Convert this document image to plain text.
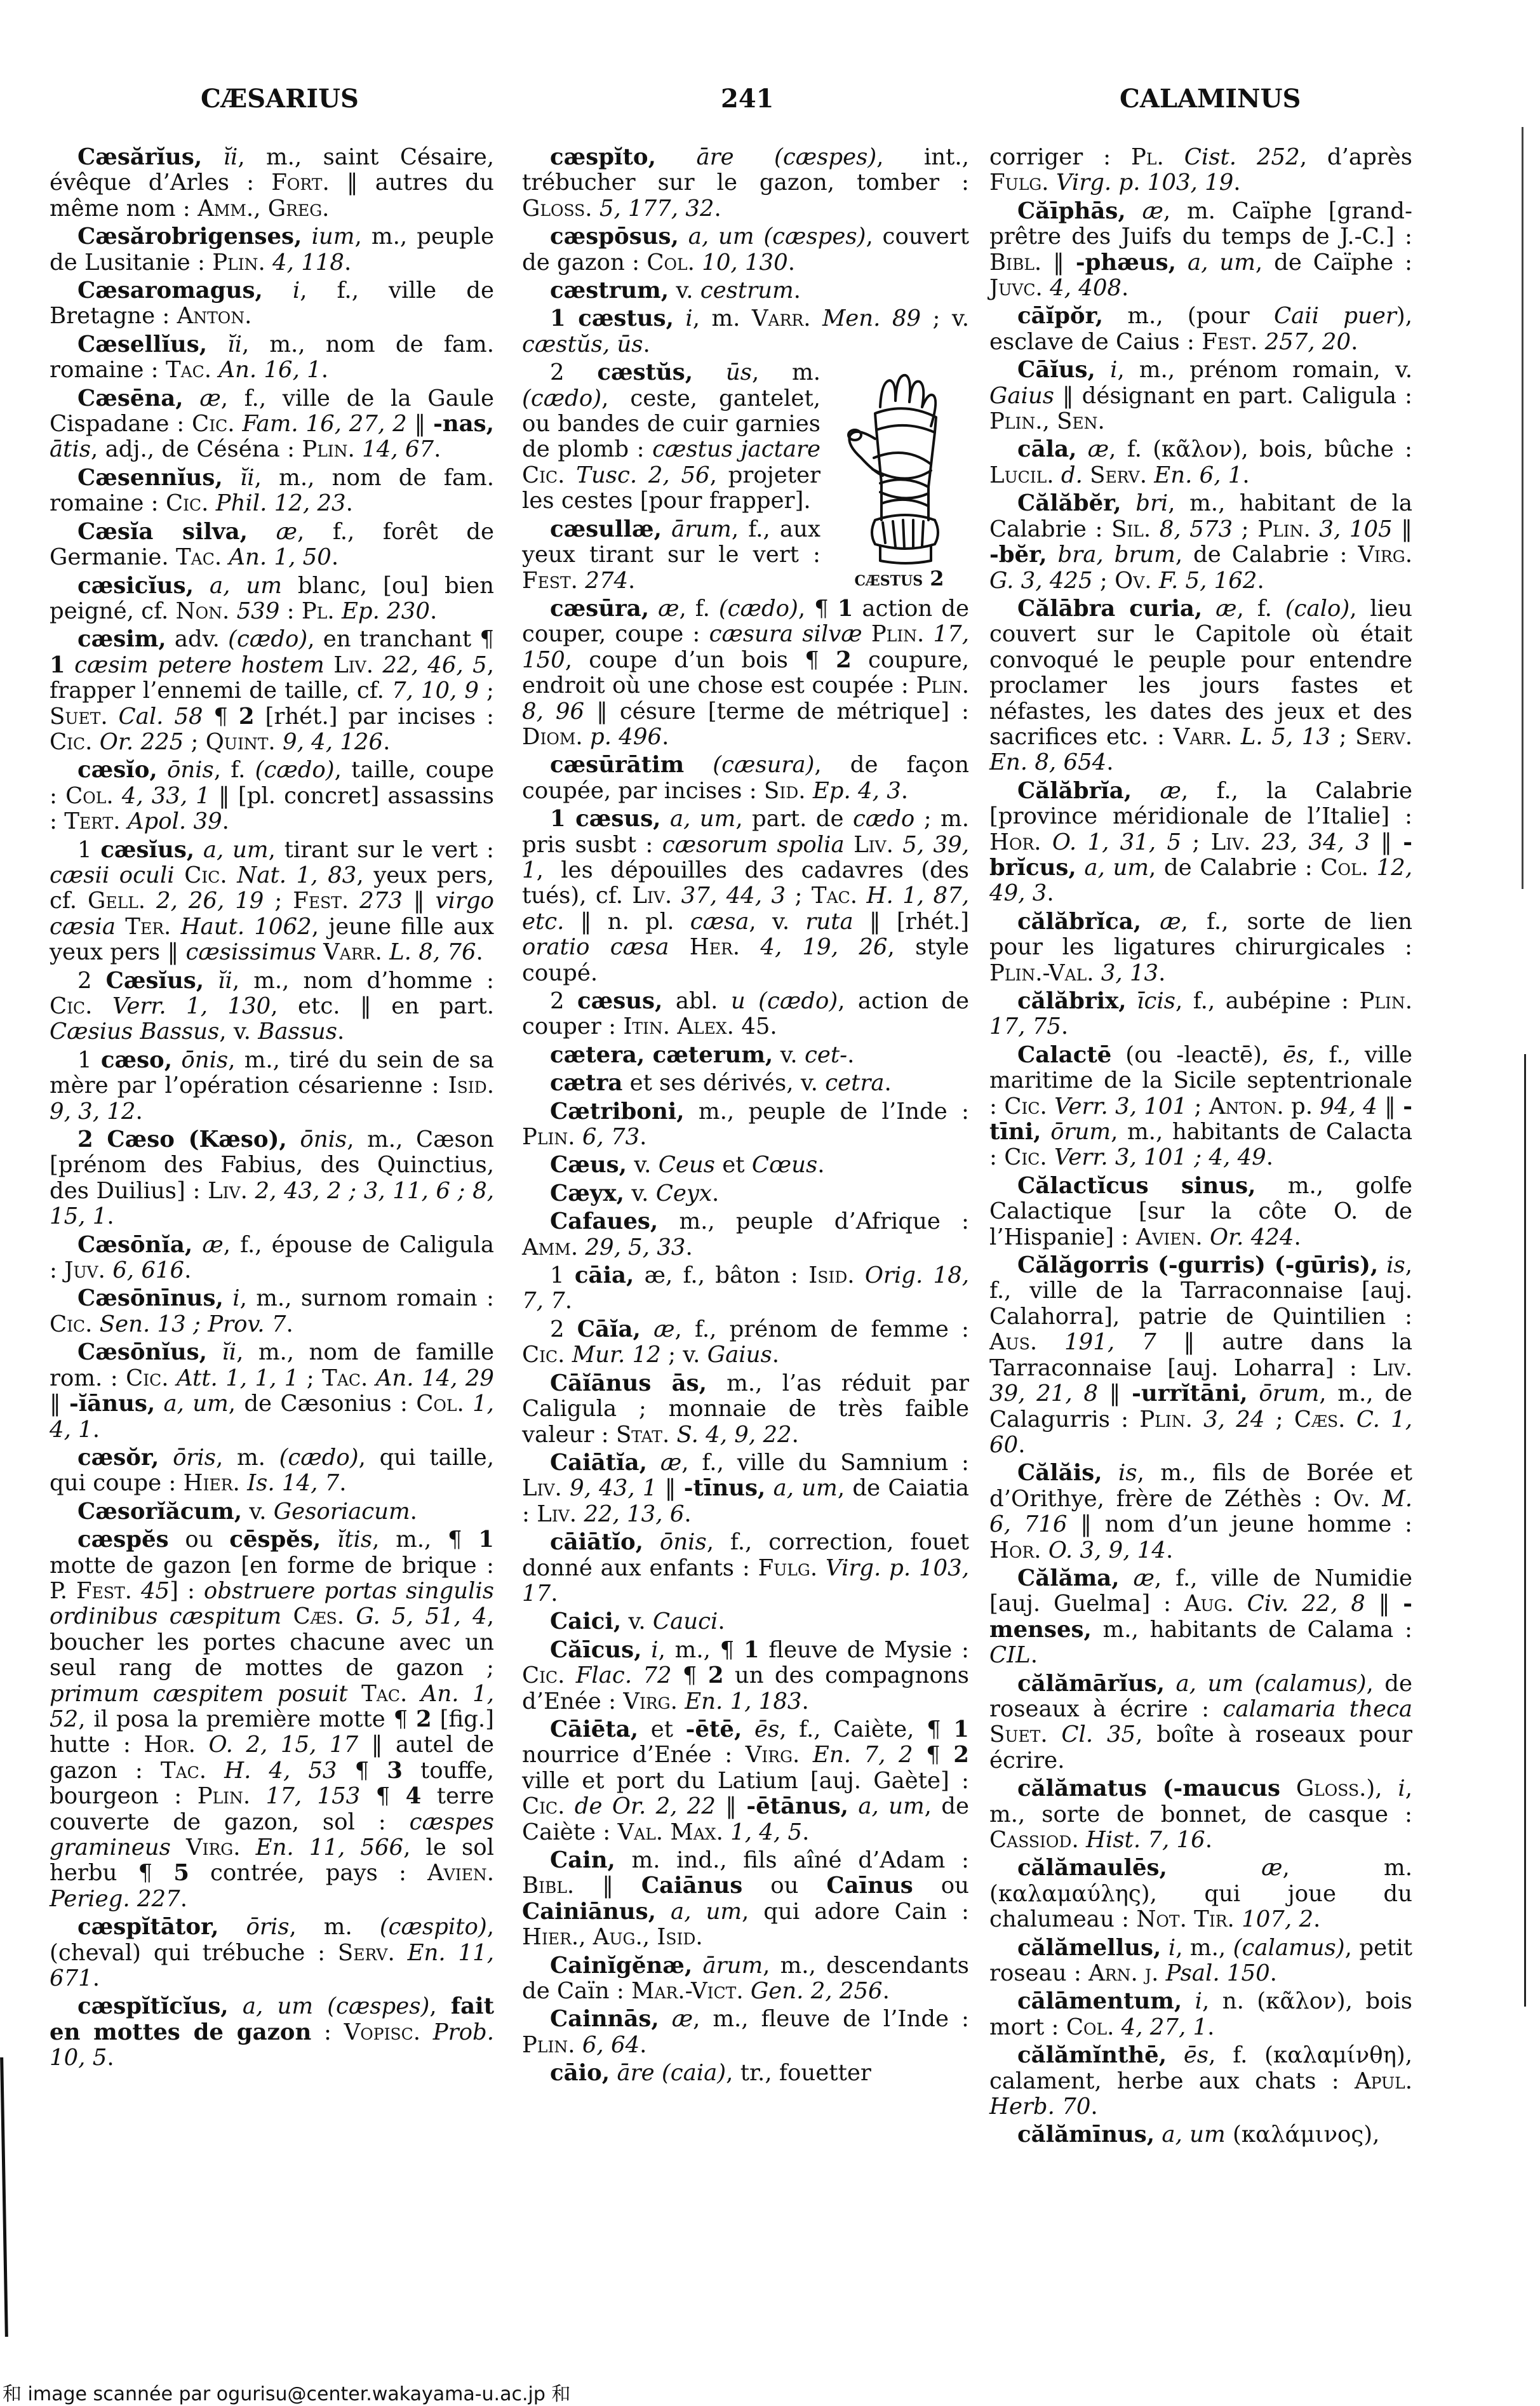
CÆSARIUS	241	CALAMINUS

Cæsărĭus, ĭi, m., saint Césaire, évêque d’Arles : Fort. ‖ autres du même nom : Amm., Greg.

Cæsărobrigenses, ium, m., peuple de Lusitanie : Plin. 4, 118.

Cæsaromagus, i, f., ville de Bretagne : Anton.

Cæsellĭus, ĭi, m., nom de fam. romaine : Tac. An. 16, 1.

Cæsēna, æ, f., ville de la Gaule Cispadane : Cic. Fam. 16, 27, 2 ‖ -nas, ātis, adj., de Céséna : Plin. 14, 67.

Cæsennĭus, ĭi, m., nom de fam. romaine : Cic. Phil. 12, 23.

Cæsĭa silva, æ, f., forêt de Germanie. Tac. An. 1, 50.

cæsicĭus, a, um blanc, [ou] bien peigné, cf. Non. 539 : Pl. Ep. 230.

cæsim, adv. (cædo), en tranchant ¶ 1 cæsim petere hostem Liv. 22, 46, 5, frapper l’ennemi de taille, cf. 7, 10, 9 ; Suet. Cal. 58 ¶ 2 [rhét.] par incises : Cic. Or. 225 ; Quint. 9, 4, 126.

cæsĭo, ōnis, f. (cædo), taille, coupe : Col. 4, 33, 1 ‖ [pl. concret] assassins : Tert. Apol. 39.

1 cæsĭus, a, um, tirant sur le vert : cæsii oculi Cic. Nat. 1, 83, yeux pers, cf. Gell. 2, 26, 19 ; Fest. 273 ‖ virgo cæsia Ter. Haut. 1062, jeune fille aux yeux pers ‖ cæsissimus Varr. L. 8, 76.

2 Cæsĭus, ĭi, m., nom d’homme : Cic. Verr. 1, 130, etc. ‖ en part. Cæsius Bassus, v. Bassus.

1 cæso, ōnis, m., tiré du sein de sa mère par l’opération césarienne : Isid. 9, 3, 12.

2 Cæso (Kæso), ōnis, m., Cæson [prénom des Fabius, des Quinctius, des Duilius] : Liv. 2, 43, 2 ; 3, 11, 6 ; 8, 15, 1.

Cæsōnĭa, æ, f., épouse de Caligula : Juv. 6, 616.

Cæsōnīnus, i, m., surnom romain : Cic. Sen. 13 ; Prov. 7.

Cæsōnĭus, ĭi, m., nom de famille rom. : Cic. Att. 1, 1, 1 ; Tac. An. 14, 29 ‖ -ĭānus, a, um, de Cæsonius : Col. 1, 4, 1.

cæsŏr, ōris, m. (cædo), qui taille, qui coupe : Hier. Is. 14, 7.

Cæsorĭăcum, v. Gesoriacum.

cæspĕs ou cēspĕs, ĭtis, m., ¶ 1 motte de gazon [en forme de brique : P. Fest. 45] : obstruere portas singulis ordinibus cæspitum Cæs. G. 5, 51, 4, boucher les portes chacune avec un seul rang de mottes de gazon ; primum cæspitem posuit Tac. An. 1, 52, il posa la première motte ¶ 2 [fig.] hutte : Hor. O. 2, 15, 17 ‖ autel de gazon : Tac. H. 4, 53 ¶ 3 touffe, bourgeon : Plin. 17, 153 ¶ 4 terre couverte de gazon, sol : cæspes gramineus Virg. En. 11, 566, le sol herbu ¶ 5 contrée, pays : Avien. Perieg. 227.

cæspĭtātor, ōris, m. (cæspito), (cheval) qui trébuche : Serv. En. 11, 671.

cæspĭtĭcĭus, a, um (cæspes), fait en mottes de gazon : Vopisc. Prob. 10, 5.

cæspĭto, āre (cæspes), int., trébucher sur le gazon, tomber : Gloss. 5, 177, 32.

cæspōsus, a, um (cæspes), couvert de gazon : Col. 10, 130.

cæstrum, v. cestrum.

1 cæstus, i, m. Varr. Men. 89 ; v. cæstŭs, ūs.

cæstus 2

2 cæstŭs, ūs, m. (cædo), ceste, gantelet, ou bandes de cuir garnies de plomb : cæstus jactare Cic. Tusc. 2, 56, projeter les cestes [pour frapper].

cæsullæ, ārum, f., aux yeux tirant sur le vert : Fest. 274.

cæsūra, æ, f. (cædo), ¶ 1 action de couper, coupe : cæsura silvæ Plin. 17, 150, coupe d’un bois ¶ 2 coupure, endroit où une chose est coupée : Plin. 8, 96 ‖ césure [terme de métrique] : Diom. p. 496.

cæsūrātim (cæsura), de façon coupée, par incises : Sid. Ep. 4, 3.

1 cæsus, a, um, part. de cædo ; m. pris susbt : cæsorum spolia Liv. 5, 39, 1, les dépouilles des cadavres (des tués), cf. Liv. 37, 44, 3 ; Tac. H. 1, 87, etc. ‖ n. pl. cæsa, v. ruta ‖ [rhét.] oratio cæsa Her. 4, 19, 26, style coupé.

2 cæsus, abl. u (cædo), action de couper : Itin. Alex. 45.

cætera, cæterum, v. cet-.

cætra et ses dérivés, v. cetra.

Cætriboni, m., peuple de l’Inde : Plin. 6, 73.

Cæus, v. Ceus et Cœus.

Cæyx, v. Ceyx.

Cafaues, m., peuple d’Afrique : Amm. 29, 5, 33.

1 cāia, æ, f., bâton : Isid. Orig. 18, 7, 7.

2 Cāĭa, æ, f., prénom de femme : Cic. Mur. 12 ; v. Gaius.

Cāĭānus ās, m., l’as réduit par Caligula ; monnaie de très faible valeur : Stat. S. 4, 9, 22.

Caiātĭa, æ, f., ville du Samnium : Liv. 9, 43, 1 ‖ -tīnus, a, um, de Caiatia : Liv. 22, 13, 6.

cāiātĭo, ōnis, f., correction, fouet donné aux enfants : Fulg. Virg. p. 103, 17.

Caici, v. Cauci.

Căīcus, i, m., ¶ 1 fleuve de Mysie : Cic. Flac. 72 ¶ 2 un des compagnons d’Enée : Virg. En. 1, 183.

Cāiēta, et -ētē, ēs, f., Caiète, ¶ 1 nourrice d’Enée : Virg. En. 7, 2 ¶ 2 ville et port du Latium [auj. Gaète] : Cic. de Or. 2, 22 ‖ -ētānus, a, um, de Caiète : Val. Max. 1, 4, 5.

Cain, m. ind., fils aîné d’Adam : Bibl. ‖ Caiānus ou Caīnus ou Cainiānus, a, um, qui adore Cain : Hier., Aug., Isid.

Cainĭgĕnæ, ārum, m., descendants de Caïn : Mar.-Vict. Gen. 2, 256.

Cainnās, æ, m., fleuve de l’Inde : Plin. 6, 64.

cāio, āre (caia), tr., fouetter

corriger : Pl. Cist. 252, d’après Fulg. Virg. p. 103, 19.

Căīphās, æ, m. Caïphe [grand-prêtre des Juifs du temps de J.-C.] : Bibl. ‖ -phæus, a, um, de Caïphe : Juvc. 4, 408.

cāĭpŏr, m., (pour Caii puer), esclave de Caius : Fest. 257, 20.

Cāĭus, i, m., prénom romain, v. Gaius ‖ désignant en part. Caligula : Plin., Sen.

cāla, æ, f. (κᾶλον), bois, bûche : Lucil. d. Serv. En. 6, 1.

Călăbĕr, bri, m., habitant de la Calabrie : Sil. 8, 573 ; Plin. 3, 105 ‖ -bĕr, bra, brum, de Calabrie : Virg. G. 3, 425 ; Ov. F. 5, 162.

Călābra curia, æ, f. (calo), lieu couvert sur le Capitole où était convoqué le peuple pour entendre proclamer les jours fastes et néfastes, les dates des jeux et des sacrifices etc. : Varr. L. 5, 13 ; Serv. En. 8, 654.

Călăbrĭa, æ, f., la Calabrie [province méridionale de l’Italie] : Hor. O. 1, 31, 5 ; Liv. 23, 34, 3 ‖ -brĭcus, a, um, de Calabrie : Col. 12, 49, 3.

călăbrĭca, æ, f., sorte de lien pour les ligatures chirurgicales : Plin.-Val. 3, 13.

călăbrix, īcis, f., aubépine : Plin. 17, 75.

Calactē (ou -leactē), ēs, f., ville maritime de la Sicile septentrionale : Cic. Verr. 3, 101 ; Anton. p. 94, 4 ‖ -tīni, ōrum, m., habitants de Calacta : Cic. Verr. 3, 101 ; 4, 49.

Călactĭcus sinus, m., golfe Calactique [sur la côte O. de l’Hispanie] : Avien. Or. 424.

Călăgorris (-gurris) (-gūris), is, f., ville de la Tarraconnaise [auj. Calahorra], patrie de Quintilien : Aus. 191, 7 ‖ autre dans la Tarraconnaise [auj. Loharra] : Liv. 39, 21, 8 ‖ -urrĭtāni, ōrum, m., de Calagurris : Plin. 3, 24 ; Cæs. C. 1, 60.

Călăis, is, m., fils de Borée et d’Orithye, frère de Zéthès : Ov. M. 6, 716 ‖ nom d’un jeune homme : Hor. O. 3, 9, 14.

Călăma, æ, f., ville de Numidie [auj. Guelma] : Aug. Civ. 22, 8 ‖ -menses, m., habitants de Calama : CIL.

călămārĭus, a, um (calamus), de roseaux à écrire : calamaria theca Suet. Cl. 35, boîte à roseaux pour écrire.

călămatus (-maucus Gloss.), i, m., sorte de bonnet, de casque : Cassiod. Hist. 7, 16.

călămaulēs,	æ, m. (καλαμαύλης), qui joue du chalumeau : Not. Tir. 107, 2.

călămellus, i, m., (calamus), petit roseau : Arn. j. Psal. 150.

cālāmentum, i, n. (κᾶλον), bois mort : Col. 4, 27, 1.

călămĭnthē, ēs, f. (καλαμίνθη), calament, herbe aux chats : Apul. Herb. 70.

călămīnus, a, um (καλάμινος),

和 image scannée par ogurisu@center.wakayama-u.ac.jp 和
